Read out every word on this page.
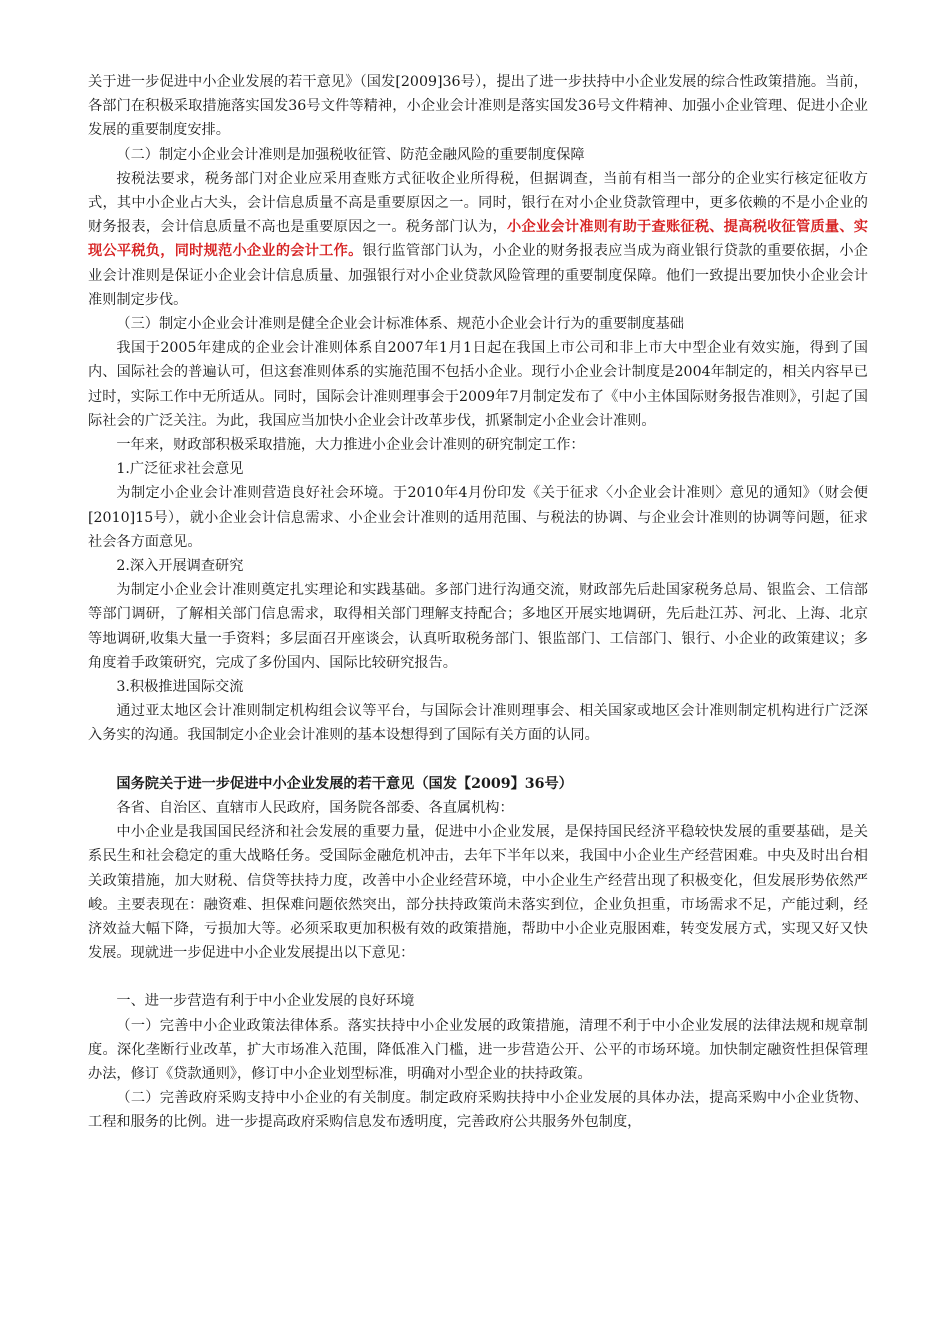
关于进一步促进中小企业发展的若干意见》（国发[2009]36号），提出了进一步扶持中小企业发展的综合性政策措施。当前，各部门在积极采取措施落实国发36号文件等精神，小企业会计准则是落实国发36号文件精神、加强小企业管理、促进小企业发展的重要制度安排。

（二）制定小企业会计准则是加强税收征管、防范金融风险的重要制度保障

按税法要求，税务部门对企业应采用查账方式征收企业所得税，但据调查，当前有相当一部分的企业实行核定征收方式，其中小企业占大头，会计信息质量不高是重要原因之一。同时，银行在对小企业贷款管理中，更多依赖的不是小企业的财务报表，会计信息质量不高也是重要原因之一。税务部门认为，小企业会计准则有助于查账征税、提高税收征管质量、实现公平税负，同时规范小企业的会计工作。银行监管部门认为，小企业的财务报表应当成为商业银行贷款的重要依据，小企业会计准则是保证小企业会计信息质量、加强银行对小企业贷款风险管理的重要制度保障。他们一致提出要加快小企业会计准则制定步伐。

（三）制定小企业会计准则是健全企业会计标准体系、规范小企业会计行为的重要制度基础

我国于2005年建成的企业会计准则体系自2007年1月1日起在我国上市公司和非上市大中型企业有效实施，得到了国内、国际社会的普遍认可，但这套准则体系的实施范围不包括小企业。现行小企业会计制度是2004年制定的，相关内容早已过时，实际工作中无所适从。同时，国际会计准则理事会于2009年7月制定发布了《中小主体国际财务报告准则》，引起了国际社会的广泛关注。为此，我国应当加快小企业会计改革步伐，抓紧制定小企业会计准则。

一年来，财政部积极采取措施，大力推进小企业会计准则的研究制定工作：

1.广泛征求社会意见

为制定小企业会计准则营造良好社会环境。于2010年4月份印发《关于征求〈小企业会计准则〉意见的通知》（财会便[2010]15号），就小企业会计信息需求、小企业会计准则的适用范围、与税法的协调、与企业会计准则的协调等问题，征求社会各方面意见。

2.深入开展调查研究

为制定小企业会计准则奠定扎实理论和实践基础。多部门进行沟通交流，财政部先后赴国家税务总局、银监会、工信部等部门调研，了解相关部门信息需求，取得相关部门理解支持配合；多地区开展实地调研，先后赴江苏、河北、上海、北京等地调研,收集大量一手资料；多层面召开座谈会，认真听取税务部门、银监部门、工信部门、银行、小企业的政策建议；多角度着手政策研究，完成了多份国内、国际比较研究报告。

3.积极推进国际交流

通过亚太地区会计准则制定机构组会议等平台，与国际会计准则理事会、相关国家或地区会计准则制定机构进行广泛深入务实的沟通。我国制定小企业会计准则的基本设想得到了国际有关方面的认同。

国务院关于进一步促进中小企业发展的若干意见（国发【2009】36号）

各省、自治区、直辖市人民政府，国务院各部委、各直属机构：

中小企业是我国国民经济和社会发展的重要力量，促进中小企业发展，是保持国民经济平稳较快发展的重要基础，是关系民生和社会稳定的重大战略任务。受国际金融危机冲击，去年下半年以来，我国中小企业生产经营困难。中央及时出台相关政策措施，加大财税、信贷等扶持力度，改善中小企业经营环境，中小企业生产经营出现了积极变化，但发展形势依然严峻。主要表现在：融资难、担保难问题依然突出，部分扶持政策尚未落实到位，企业负担重，市场需求不足，产能过剩，经济效益大幅下降，亏损加大等。必须采取更加积极有效的政策措施，帮助中小企业克服困难，转变发展方式，实现又好又快发展。现就进一步促进中小企业发展提出以下意见：

一、进一步营造有利于中小企业发展的良好环境

（一）完善中小企业政策法律体系。落实扶持中小企业发展的政策措施，清理不利于中小企业发展的法律法规和规章制度。深化垄断行业改革，扩大市场准入范围，降低准入门槛，进一步营造公开、公平的市场环境。加快制定融资性担保管理办法，修订《贷款通则》，修订中小企业划型标准，明确对小型企业的扶持政策。

（二）完善政府采购支持中小企业的有关制度。制定政府采购扶持中小企业发展的具体办法，提高采购中小企业货物、工程和服务的比例。进一步提高政府采购信息发布透明度，完善政府公共服务外包制度，
